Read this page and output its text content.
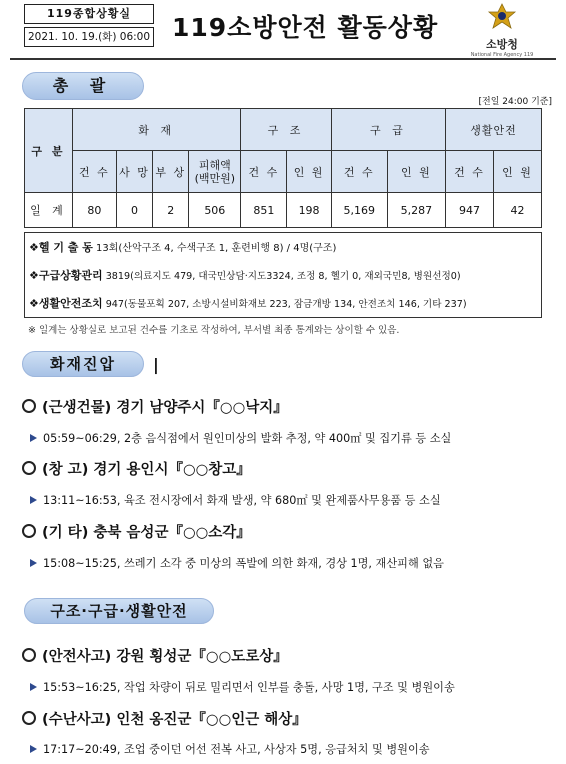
119종합상황실
2021. 10. 19.(화) 06:00 119소방안전 활동상황
소방청
National Fire Agency 119
총 괄
[전일 24:00 기준]
구 분	화 재				구 조		구 급		생활안전	
	건 수	사 망	부 상	피해액
(백만원)	건 수	인 원	건 수	인 원	건 수	인 원
일 계	80	0	2	506	851	198	5,169	5,287	947	42
❖헬 기 출 동 13회(산악구조 4, 수색구조 1, 훈련비행 8) / 4명(구조)
❖구급상황관리 3819(의료지도 479, 대국민상담·지도3324, 조정 8, 헬기 0, 재외국민8, 병원선정0)
❖생활안전조치 947(동물포획 207, 소방시설비화재보 223, 잠금개방 134, 안전조치 146, 기타 237)
※ 일계는 상황실로 보고된 건수를 기초로 작성하여, 부서별 최종 통계와는 상이할 수 있음.
화재진압	|
(근생건물) 경기 남양주시『○○낙지』
05:59~06:29, 2층 음식점에서 원인미상의 발화 추정, 약 400㎡ 및 집기류 등 소실
(창 고) 경기 용인시『○○창고』
13:11~16:53, 육조 전시장에서 화재 발생, 약 680㎡ 및 완제품사무용품 등 소실
(기 타) 충북 음성군『○○소각』
15:08~15:25, 쓰레기 소각 중 미상의 폭발에 의한 화재, 경상 1명, 재산피해 없음
구조·구급·생활안전
(안전사고) 강원 횡성군『○○도로상』
15:53~16:25, 작업 차량이 뒤로 밀리면서 인부를 충돌, 사망 1명, 구조 및 병원이송
(수난사고) 인천 옹진군『○○인근 해상』
17:17~20:49, 조업 중이던 어선 전복 사고, 사상자 5명, 응급처치 및 병원이송
